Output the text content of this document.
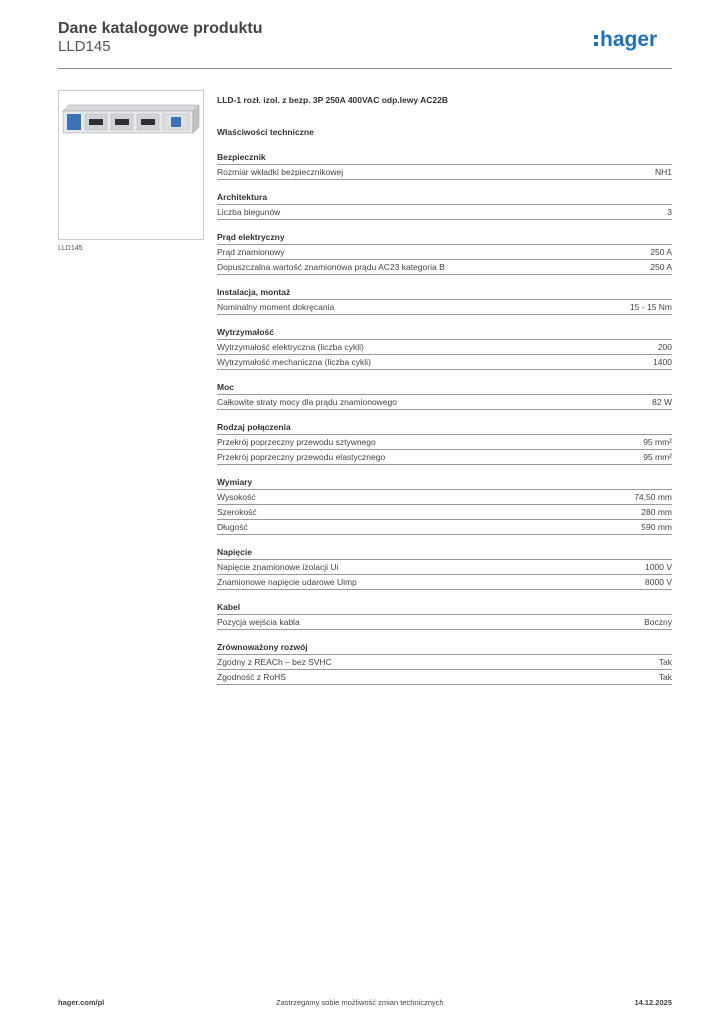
Dane katalogowe produktu
LLD145	hager
LLD145
LLD-1 rozł. izol. z bezp. 3P 250A 400VAC odp.lewy AC22B
Właściwości techniczne
Bezpiecznik
Rozmiar wkładki bezpiecznikowej	NH1
Architektura
Liczba biegunów	3
Prąd elektryczny
Prąd znamionowy	250 A
Dopuszczalna wartość znamionowa prądu AC23 kategoria B	250 A
Instalacja, montaż
Nominalny moment dokręcania	15 - 15 Nm
Wytrzymałość
Wytrzymałość elektryczna (liczba cykli)	200
Wytrzymałość mechaniczna (liczba cykli)	1400
Moc
Całkowite straty mocy dla prądu znamionowego	82 W
Rodzaj połączenia
Przekrój poprzeczny przewodu sztywnego	95 mm²
Przekrój poprzeczny przewodu elastycznego	95 mm²
Wymiary
Wysokość	74,50 mm
Szerokość	280 mm
Długość	590 mm
Napięcie
Napięcie znamionowe izolacji Ui	1000 V
Znamionowe napięcie udarowe Uimp	8000 V
Kabel
Pozycja wejścia kabla	Boczny
Zrównoważony rozwój
Zgodny z REACh – bez SVHC	Tak
Zgodność z RoHS	Tak
hager.com/pl	Zastrzegamy sobie możliwość zmian technicznych	14.12.2025
